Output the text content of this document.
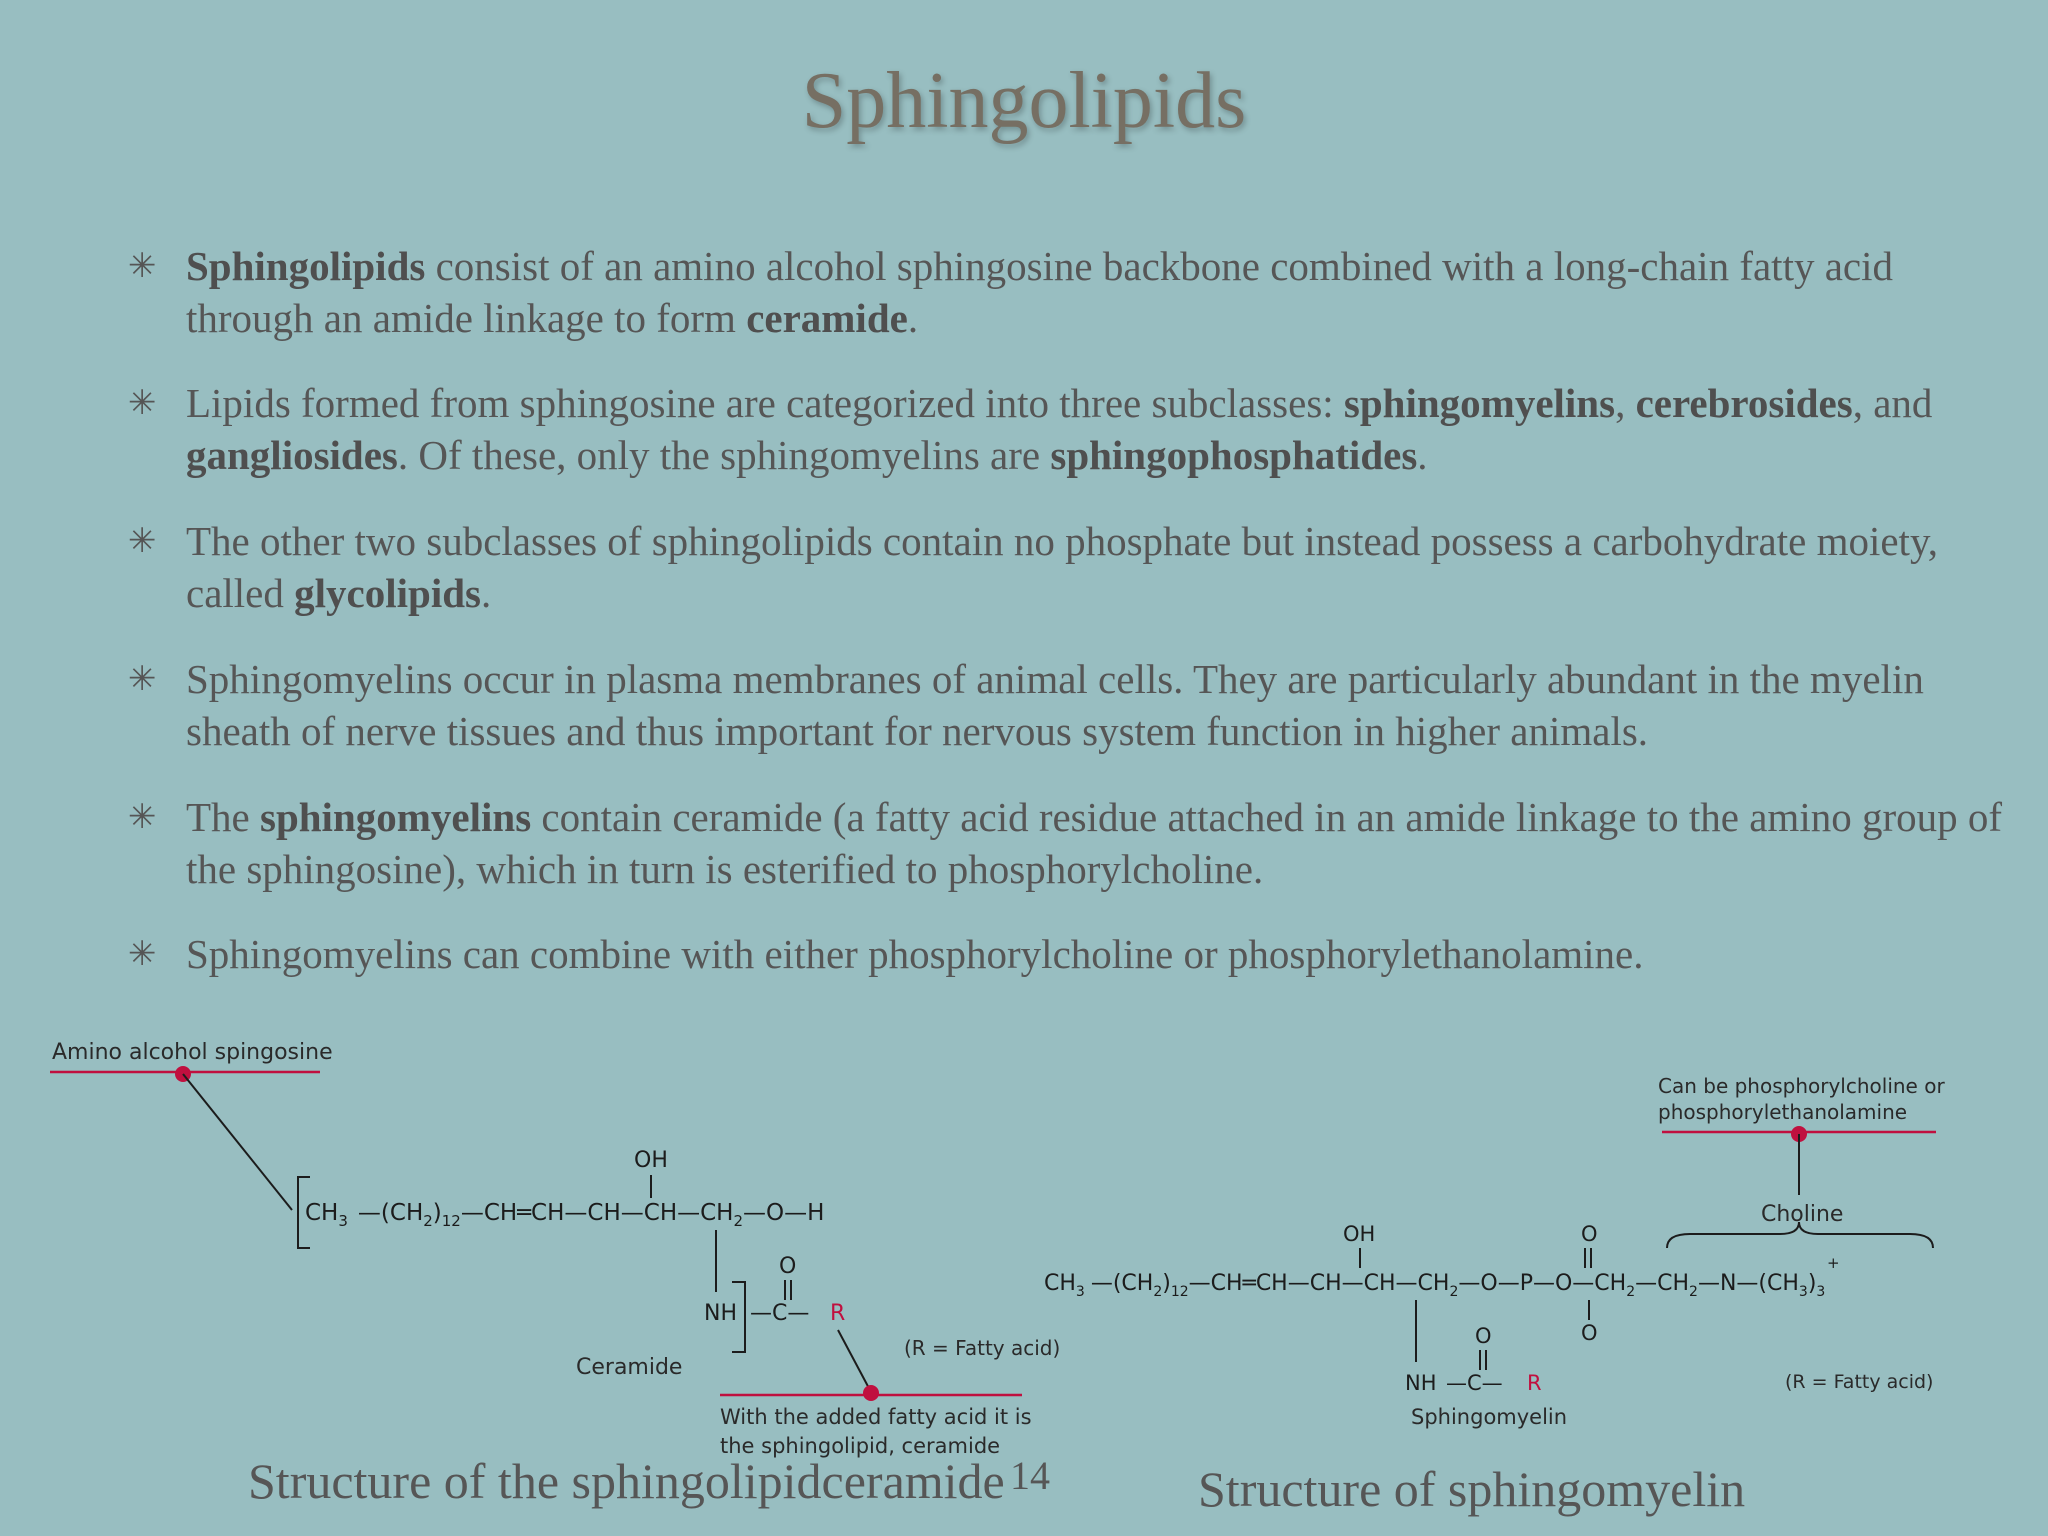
Sphingolipids
✳ Sphingolipids consist of an amino alcohol sphingosine backbone combined with a long-chain fatty acid through an amide linkage to form ceramide.
✳ Lipids formed from sphingosine are categorized into three subclasses: sphingomyelins, cerebrosides, and gangliosides. Of these, only the sphingomyelins are sphingophosphatides.
✳ The other two subclasses of sphingolipids contain no phosphate but instead possess a carbohydrate moiety, called glycolipids.
✳ Sphingomyelins occur in plasma membranes of animal cells. They are particularly abundant in the myelin sheath of nerve tissues and thus important for nervous system function in higher animals.
✳ The sphingomyelins contain ceramide (a fatty acid residue attached in an amide linkage to the amino group of the sphingosine), which in turn is esterified to phosphorylcholine.
✳ Sphingomyelins can combine with either phosphorylcholine or phosphorylethanolamine.
Amino alcohol spingosine
$CH_3$ $—(CH_2)_{12}—CH═CH—CH—CH—CH_2—O—H$
OH
NH —C— R
O
Ceramide
(R = Fatty acid)
With the added fatty acid it is
the sphingolipid, ceramide
Can be phosphorylcholine or
phosphorylethanolamine
Choline
$CH_3$ $—(CH_2)_{12}—CH═CH—CH—CH—CH_2—O—P—O—CH_2—CH_2—N—(CH_3)_3$
OH	O
O
+
NH —C— R
O
Sphingomyelin
(R = Fatty acid)
Structure of the sphingolipidceramide 14	Structure of sphingomyelin
